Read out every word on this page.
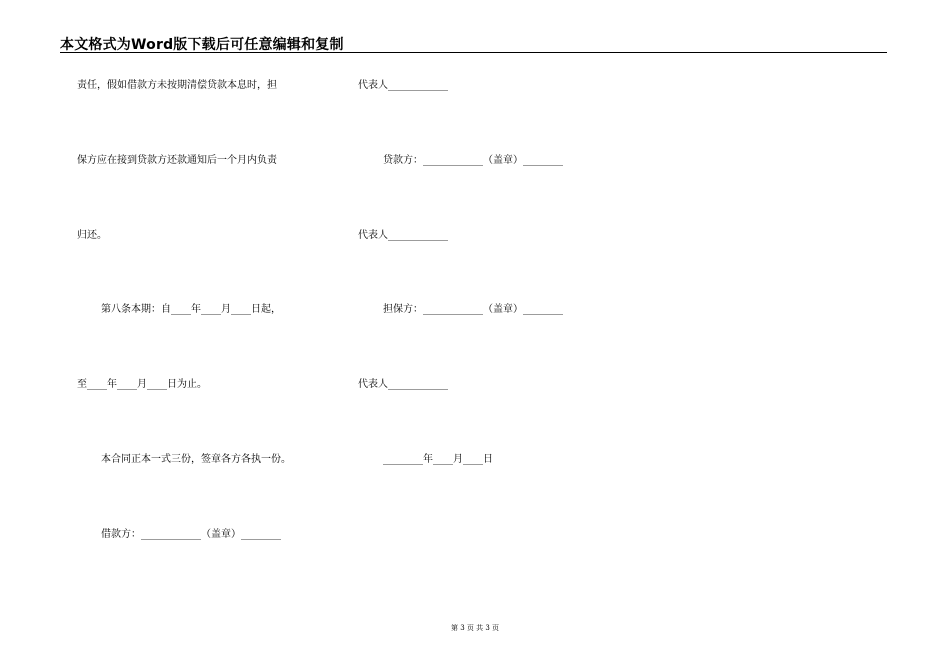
本文格式为Word版下载后可任意编辑和复制
责任，假如借款方未按期清偿贷款本息时，担
保方应在接到贷款方还款通知后一个月内负责
归还。
第八条本期：自____年____月____日起，
至____年____月____日为止。
本合同正本一式三份，签章各方各执一份。
借款方：____________（盖章）________
代表人____________
贷款方：____________（盖章）________
代表人____________
担保方：____________（盖章）________
代表人____________
________年____月____日
第 3 页 共 3 页
